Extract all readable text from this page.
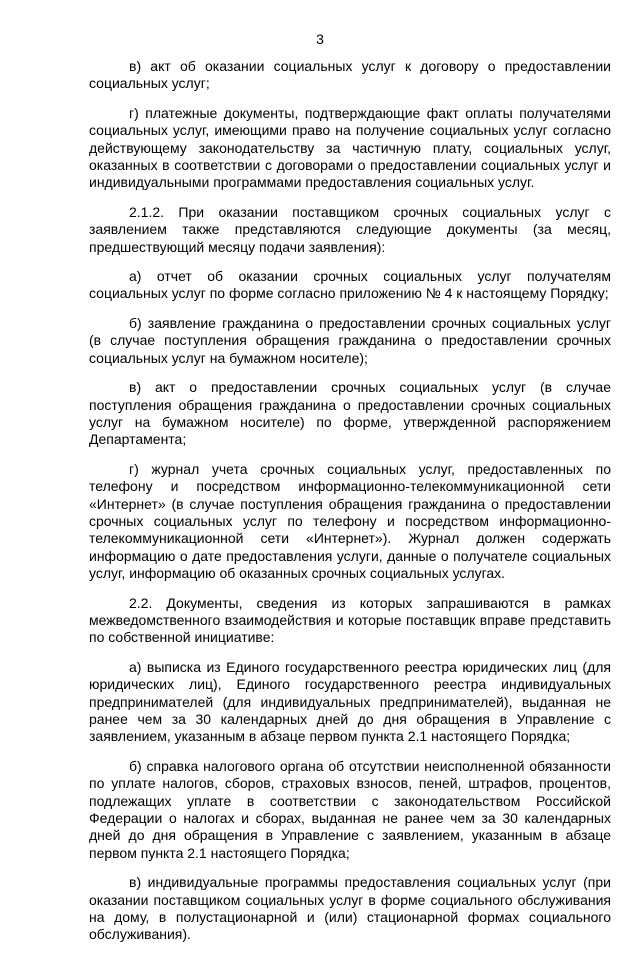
3

в) акт об оказании социальных услуг к договору о предоставлении социальных услуг;

г) платежные документы, подтверждающие факт оплаты получателями социальных услуг, имеющими право на получение социальных услуг согласно действующему законодательству за частичную плату, социальных услуг, оказанных в соответствии с договорами о предоставлении социальных услуг и индивидуальными программами предоставления социальных услуг.

2.1.2. При оказании поставщиком срочных социальных услуг с заявлением также представляются следующие документы (за месяц, предшествующий месяцу подачи заявления):

а) отчет об оказании срочных социальных услуг получателям социальных услуг по форме согласно приложению № 4 к настоящему Порядку;

б) заявление гражданина о предоставлении срочных социальных услуг (в случае поступления обращения гражданина о предоставлении срочных социальных услуг на бумажном носителе);

в) акт о предоставлении срочных социальных услуг (в случае поступления обращения гражданина о предоставлении срочных социальных услуг на бумажном носителе) по форме, утвержденной распоряжением Департамента;

г) журнал учета срочных социальных услуг, предоставленных по телефону и посредством информационно-телекоммуникационной сети «Интернет» (в случае поступления обращения гражданина о предоставлении срочных социальных услуг по телефону и посредством информационно-телекоммуникационной сети «Интернет»). Журнал должен содержать информацию о дате предоставления услуги, данные о получателе социальных услуг, информацию об оказанных срочных социальных услугах.

2.2. Документы, сведения из которых запрашиваются в рамках межведомственного взаимодействия и которые поставщик вправе представить по собственной инициативе:

а) выписка из Единого государственного реестра юридических лиц (для юридических лиц), Единого государственного реестра индивидуальных предпринимателей (для индивидуальных предпринимателей), выданная не ранее чем за 30 календарных дней до дня обращения в Управление с заявлением, указанным в абзаце первом пункта 2.1 настоящего Порядка;

б) справка налогового органа об отсутствии неисполненной обязанности по уплате налогов, сборов, страховых взносов, пеней, штрафов, процентов, подлежащих уплате в соответствии с законодательством Российской Федерации о налогах и сборах, выданная не ранее чем за 30 календарных дней до дня обращения в Управление с заявлением, указанным в абзаце первом пункта 2.1 настоящего Порядка;

в) индивидуальные программы предоставления социальных услуг (при оказании поставщиком социальных услуг в форме социального обслуживания на дому, в полустационарной и (или) стационарной формах социального обслуживания).
